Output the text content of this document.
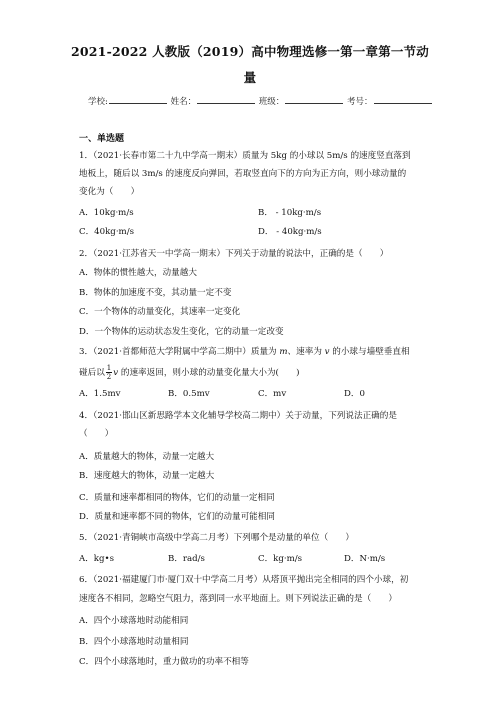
2021-2022 人教版（2019）高中物理选修一第一章第一节动
量
学校:	姓名：	班级：	考号：
一、单选题
1．（2021·长春市第二十九中学高一期末）质量为 5kg 的小球以 5m/s 的速度竖直落到
地板上，随后以 3m/s 的速度反向弹回，若取竖直向下的方向为正方向，则小球动量的
变化为（　　）
A．10kg·m/s	B． - 10kg·m/s
C．40kg·m/s	D． - 40kg·m/s
2．（2021·江苏省天一中学高一期末）下列关于动量的说法中，正确的是（　　）
A．物体的惯性越大，动量越大
B．物体的加速度不变，其动量一定不变
C．一个物体的动量变化，其速率一定变化
D．一个物体的运动状态发生变化，它的动量一定改变
3．（2021·首都师范大学附属中学高二期中）质量为 m、速率为 v 的小球与墙壁垂直相
碰后以 $\frac{1}{2}$ v 的速率返回，则小球的动量变化量大小为(　　)
A．1.5mv	B．0.5mv	C．mv	D．0
4．（2021·邯山区新思路学本文化辅导学校高二期中）关于动量，下列说法正确的是
（　　）
A．质量越大的物体，动量一定越大
B．速度越大的物体，动量一定越大
C．质量和速率都相同的物体，它们的动量一定相同
D．质量和速率都不同的物体，它们的动量可能相同
5．（2021·青铜峡市高级中学高二月考）下列哪个是动量的单位（　　）
A．kg•s	B．rad/s	C．kg·m/s	D．N·m/s
6．（2021·福建厦门市·厦门双十中学高二月考）从塔顶平抛出完全相同的四个小球，初
速度各不相同，忽略空气阻力，落到同一水平地面上。则下列说法正确的是（　　）
A．四个小球落地时动能相同
B．四个小球落地时动量相同
C．四个小球落地时，重力做功的功率不相等
